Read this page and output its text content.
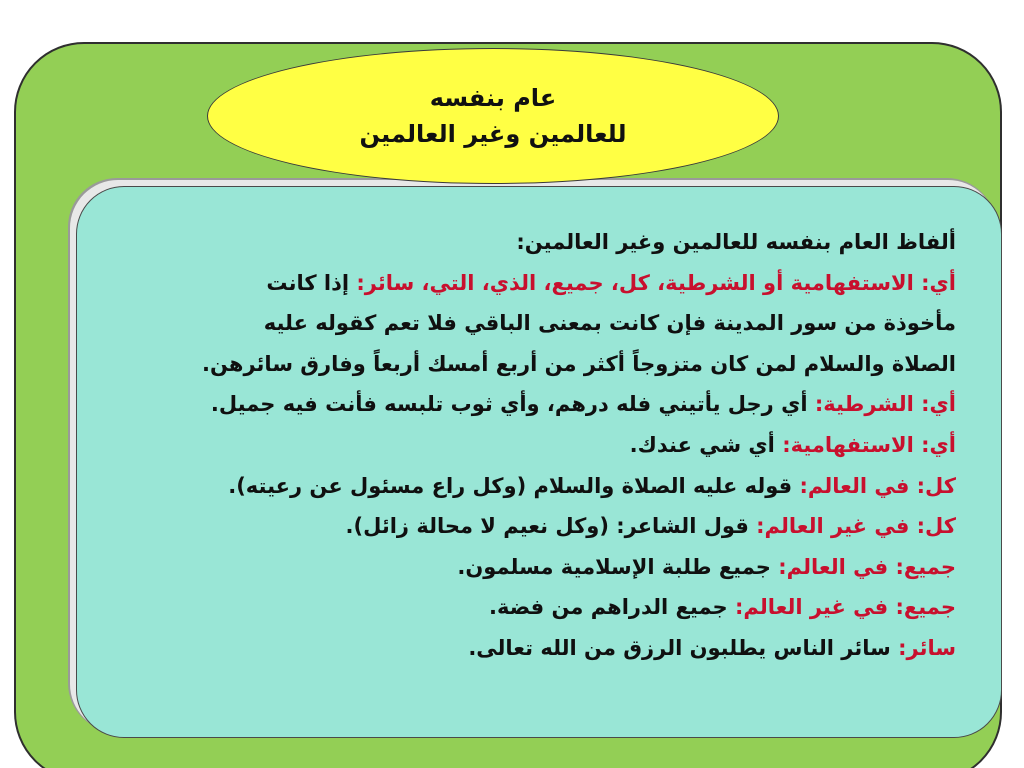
عام بنفسه
للعالمين وغير العالمين
ألفاظ العام بنفسه للعالمين وغير العالمين:
أي: الاستفهامية أو الشرطية، كل، جميع، الذي، التي، سائر: إذا كانت
مأخوذة من سور المدينة فإن كانت بمعنى الباقي فلا تعم كقوله عليه
الصلاة والسلام لمن كان متزوجاً أكثر من أربع أمسك أربعاً وفارق سائرهن.
أي: الشرطية: أي رجل يأتيني فله درهم، وأي ثوب تلبسه فأنت فيه جميل.
أي: الاستفهامية: أي شي عندك.
كل: في العالم: قوله عليه الصلاة والسلام (وكل راع مسئول عن رعيته).
كل: في غير العالم: قول الشاعر: (وكل نعيم لا محالة زائل).
جميع: في العالم: جميع طلبة الإسلامية مسلمون.
جميع: في غير العالم: جميع الدراهم من فضة.
سائر: سائر الناس يطلبون الرزق من الله تعالى.
